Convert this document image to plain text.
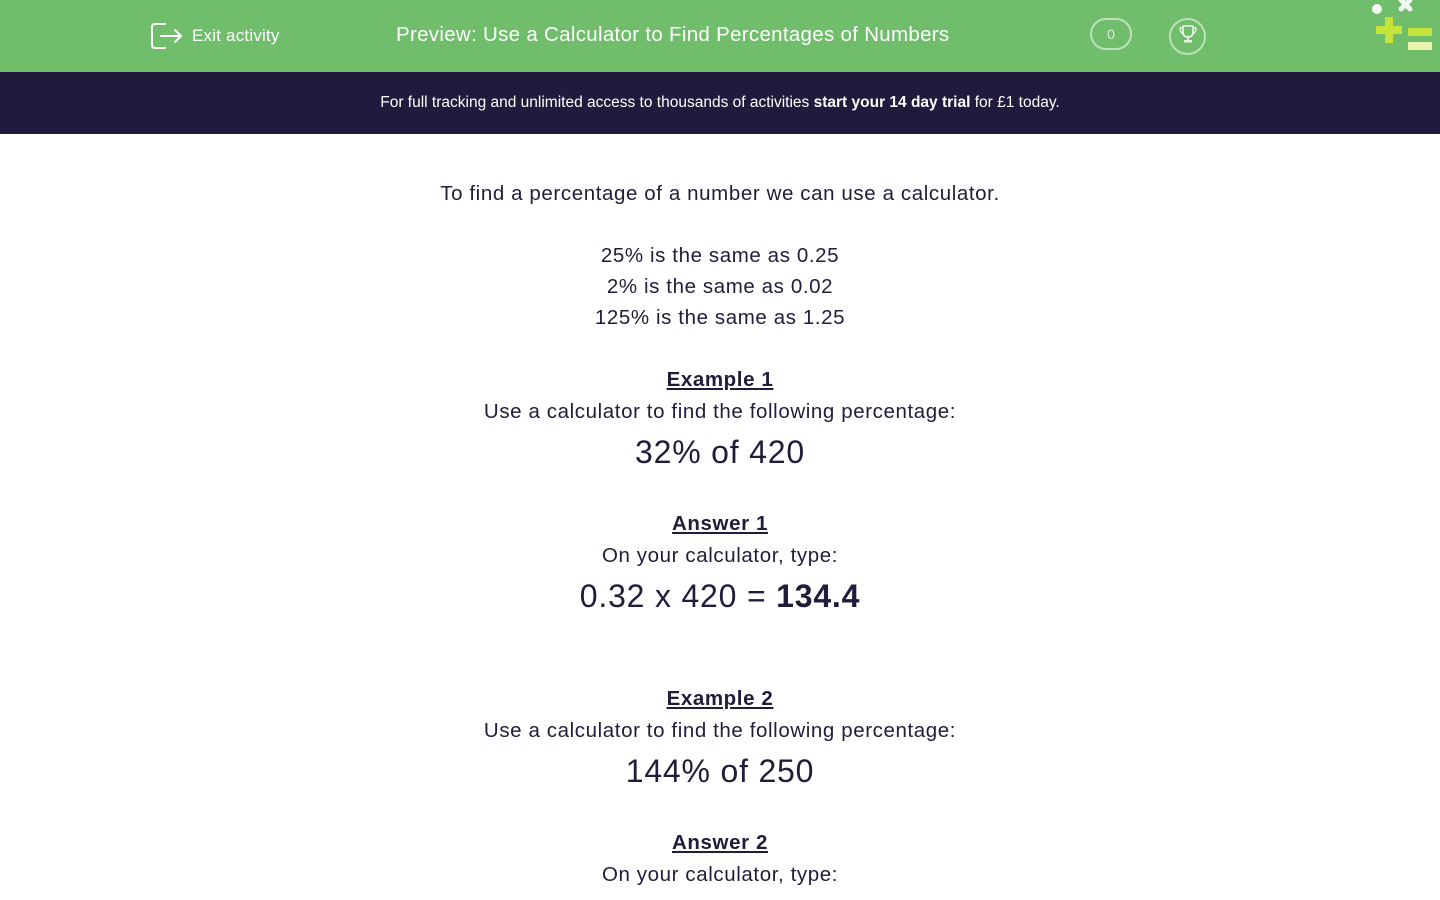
Exit activity	Preview: Use a Calculator to Find Percentages of Numbers	0
For full tracking and unlimited access to thousands of activities start your 14 day trial for £1 today.
To find a percentage of a number we can use a calculator.
25% is the same as 0.25
2% is the same as 0.02
125% is the same as 1.25
Example 1
Use a calculator to find the following percentage:
32% of 420
Answer 1
On your calculator, type:
0.32 x 420 = 134.4
Example 2
Use a calculator to find the following percentage:
144% of 250
Answer 2
On your calculator, type:
